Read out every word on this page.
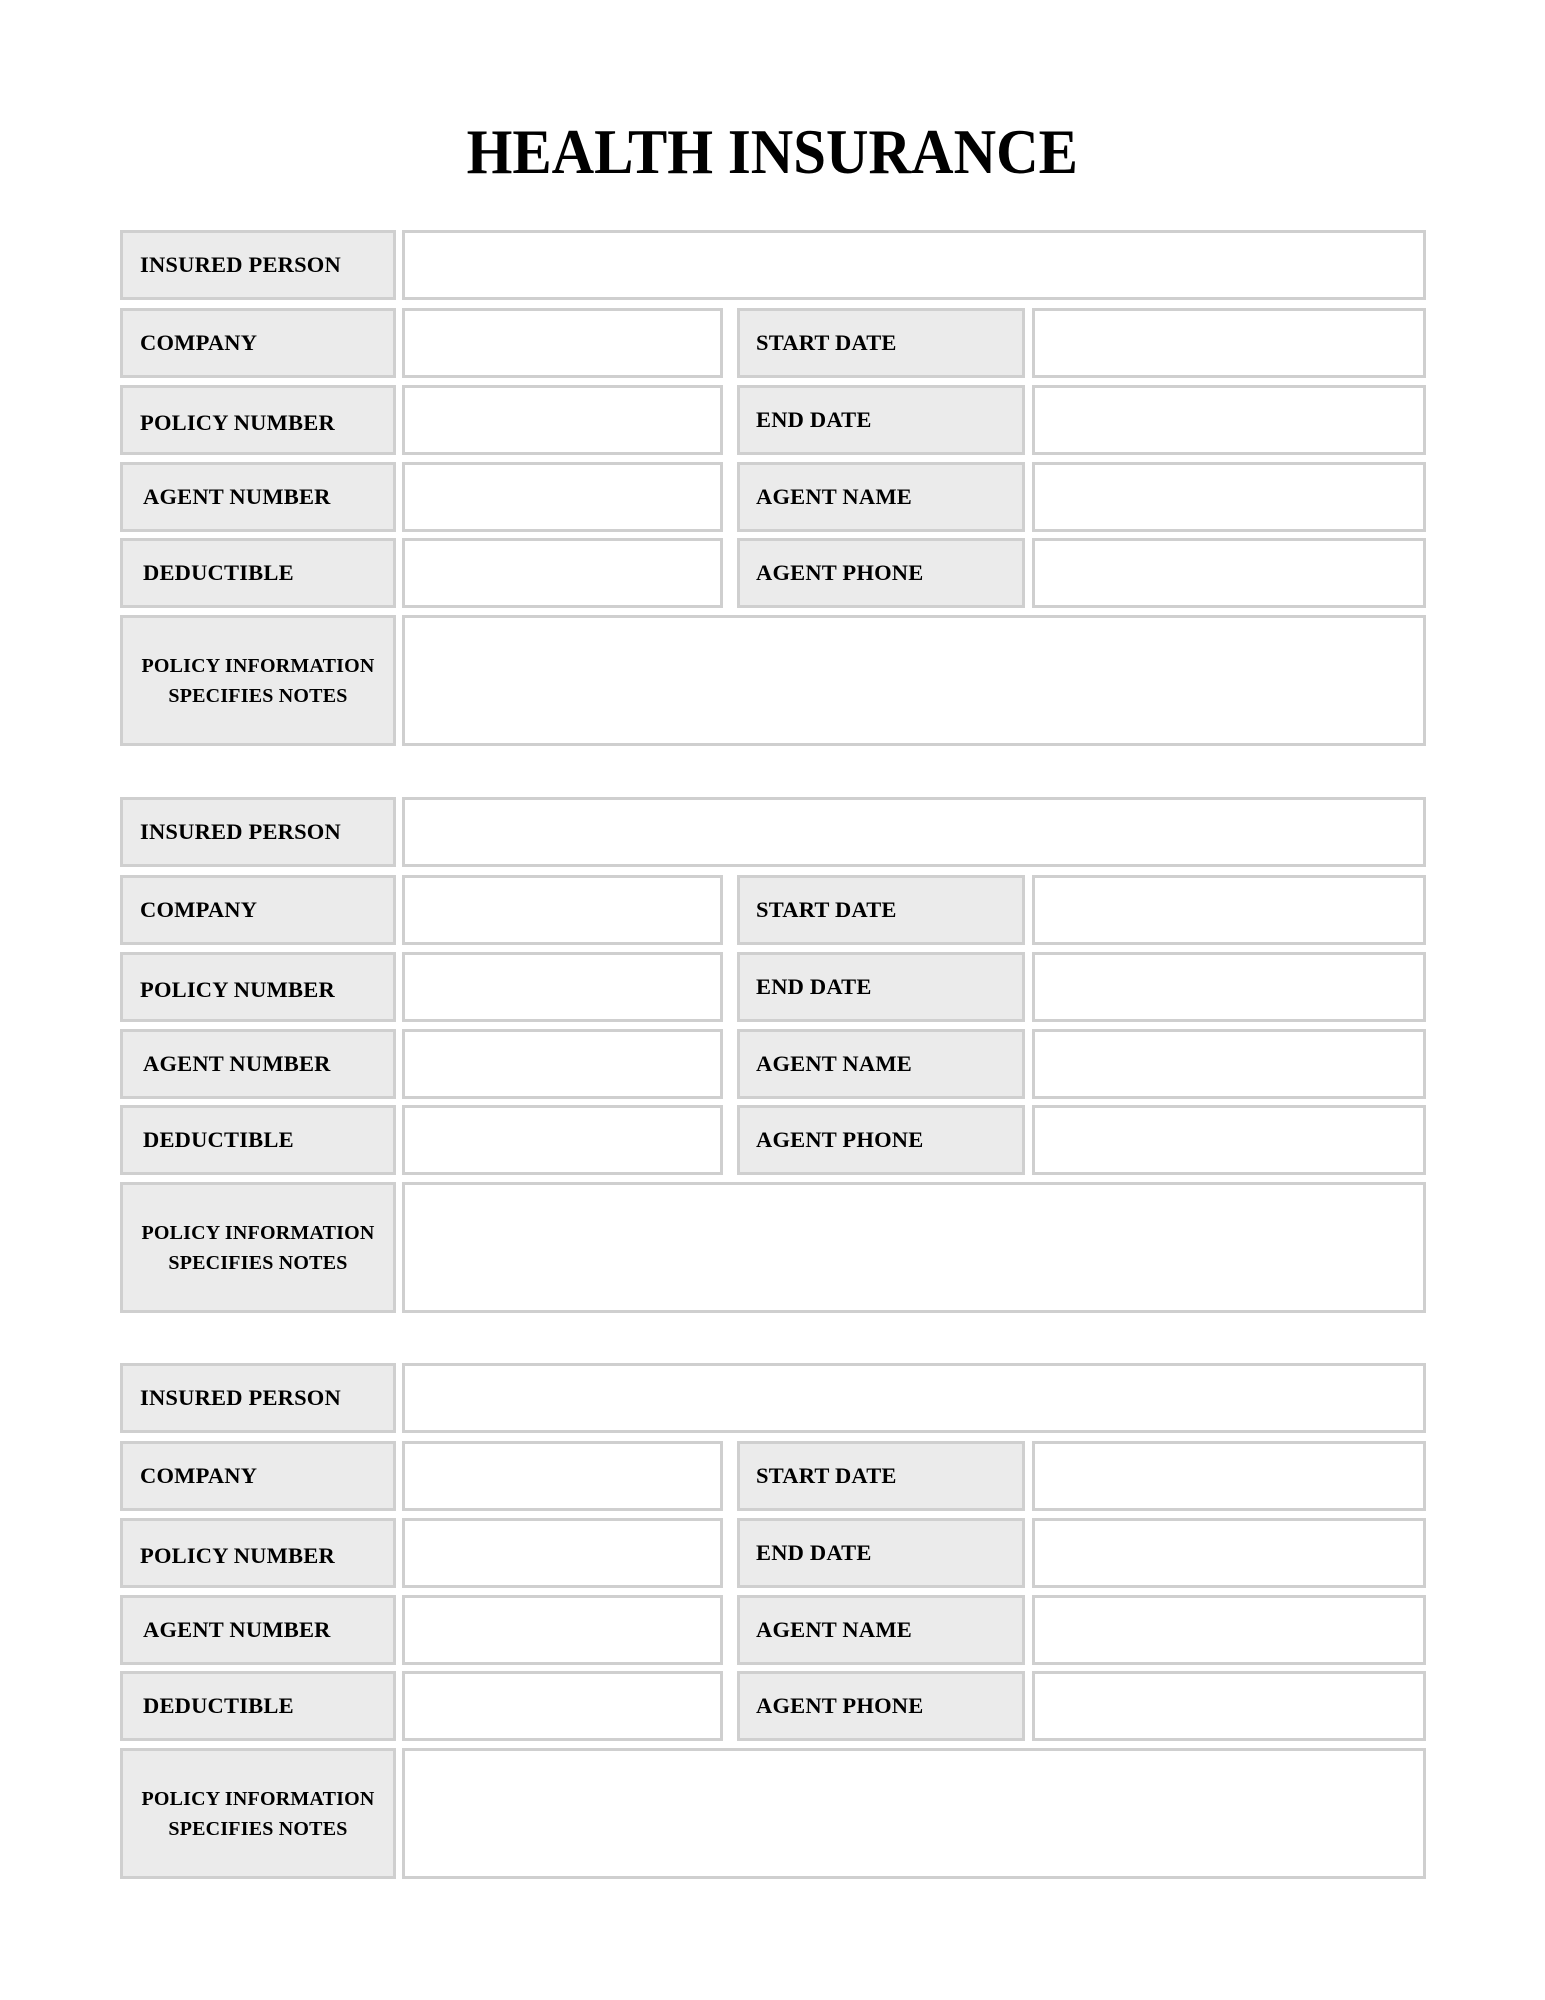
HEALTH INSURANCE
INSURED PERSON
COMPANY	START DATE
POLICY NUMBER	END DATE
AGENT NUMBER	AGENT NAME
DEDUCTIBLE	AGENT PHONE
POLICY INFORMATION
SPECIFIES NOTES
INSURED PERSON
COMPANY	START DATE
POLICY NUMBER	END DATE
AGENT NUMBER	AGENT NAME
DEDUCTIBLE	AGENT PHONE
POLICY INFORMATION
SPECIFIES NOTES
INSURED PERSON
COMPANY	START DATE
POLICY NUMBER	END DATE
AGENT NUMBER	AGENT NAME
DEDUCTIBLE	AGENT PHONE
POLICY INFORMATION
SPECIFIES NOTES
